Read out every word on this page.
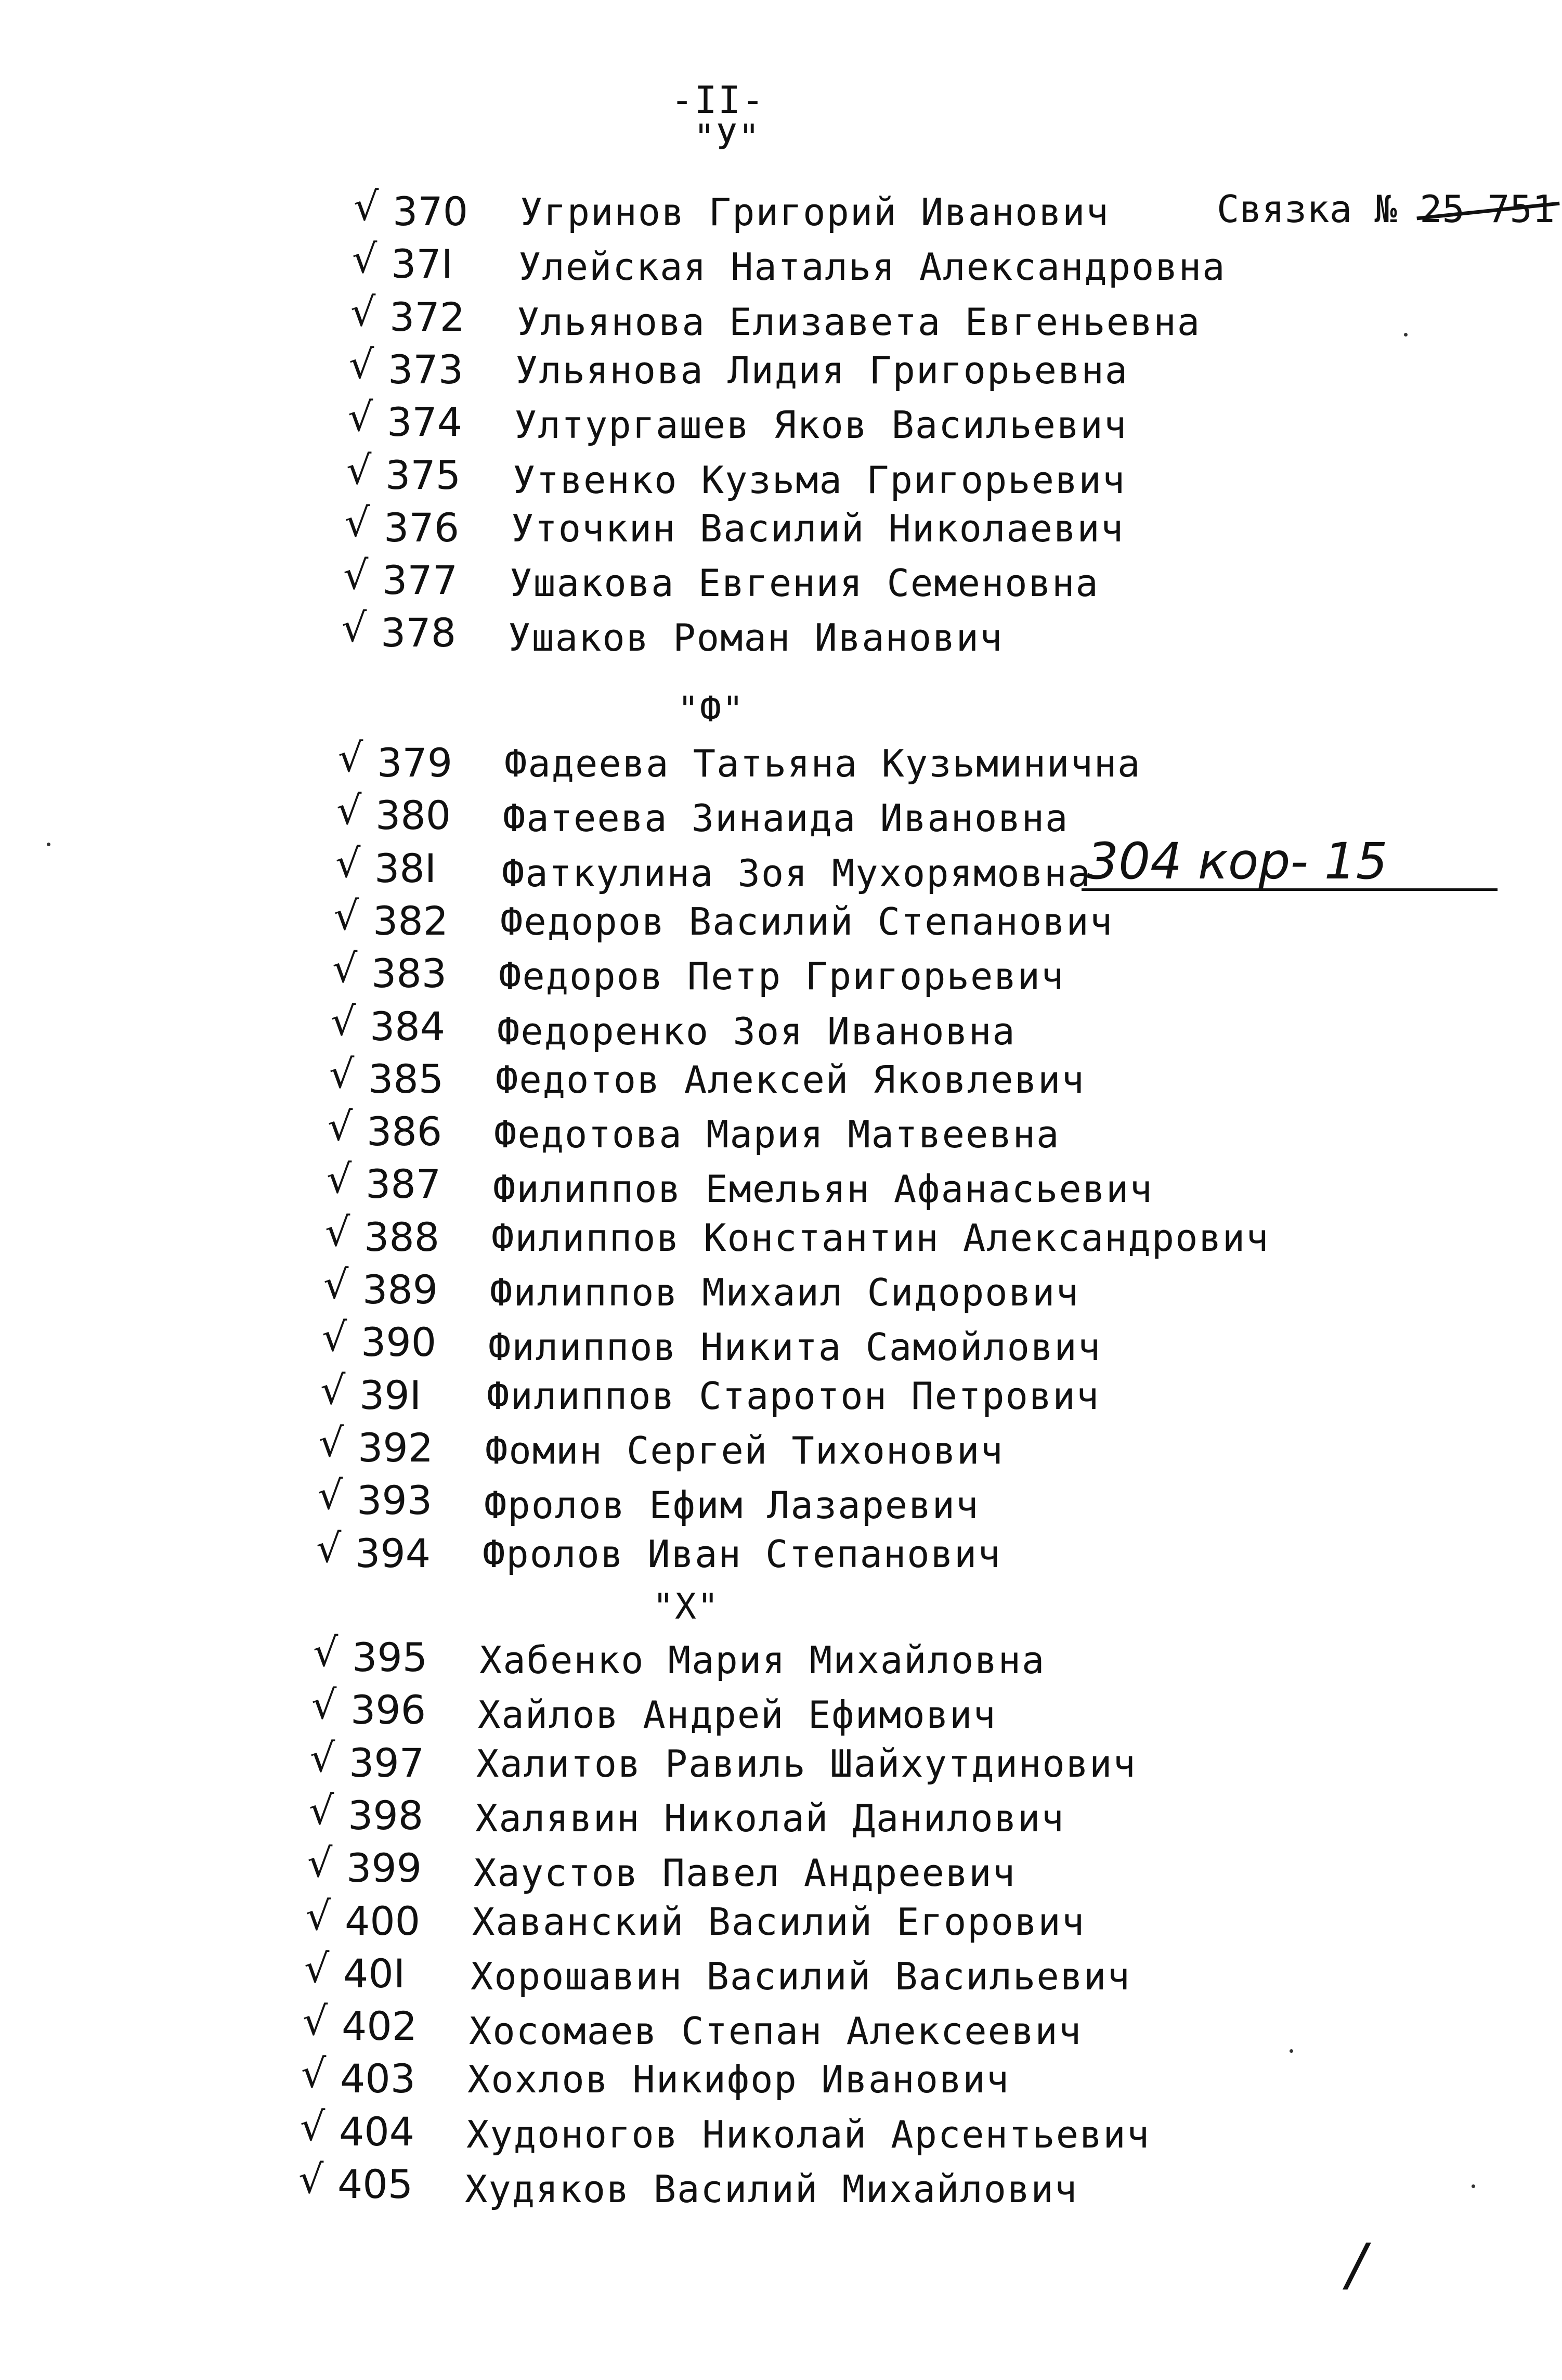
-II-
Связка № 25 751
"У"
√ 370 Угринов Григорий Иванович
√ 37I Улейская Наталья Александровна
√ 372 Ульянова Елизавета Евгеньевна
√ 373 Ульянова Лидия Григорьевна
√ 374 Ултургашев Яков Васильевич
√ 375 Утвенко Кузьма Григорьевич
√ 376 Уточкин Василий Николаевич
√ 377 Ушакова Евгения Семеновна
√ 378 Ушаков Роман Иванович
"Ф"
√ 379 Фадеева Татьяна Кузьминична
√ 380 Фатеева Зинаида Ивановна
√ 38I Фаткулина Зоя Мухорямовна
√ 382 Федоров Василий Степанович
√ 383 Федоров Петр Григорьевич
√ 384 Федоренко Зоя Ивановна
√ 385 Федотов Алексей Яковлевич
√ 386 Федотова Мария Матвеевна
√ 387 Филиппов Емельян Афанасьевич
√ 388 Филиппов Константин Александрович
√ 389 Филиппов Михаил Сидорович
√ 390 Филиппов Никита Самойлович
√ 39I Филиппов Старотон Петрович
√ 392 Фомин Сергей Тихонович
√ 393 Фролов Ефим Лазаревич
√ 394 Фролов Иван Степанович
"Х"
√ 395 Хабенко Мария Михайловна
√ 396 Хайлов Андрей Ефимович
√ 397 Халитов Равиль Шайхутдинович
√ 398 Халявин Николай Данилович
√ 399 Хаустов Павел Андреевич
√ 400 Хаванский Василий Егорович
√ 40I Хорошавин Василий Васильевич
√ 402 Хосомаев Степан Алексеевич
√ 403 Хохлов Никифор Иванович
√ 404 Худоногов Николай Арсентьевич
√ 405 Худяков Василий Михайлович
304 кор- 15
/
